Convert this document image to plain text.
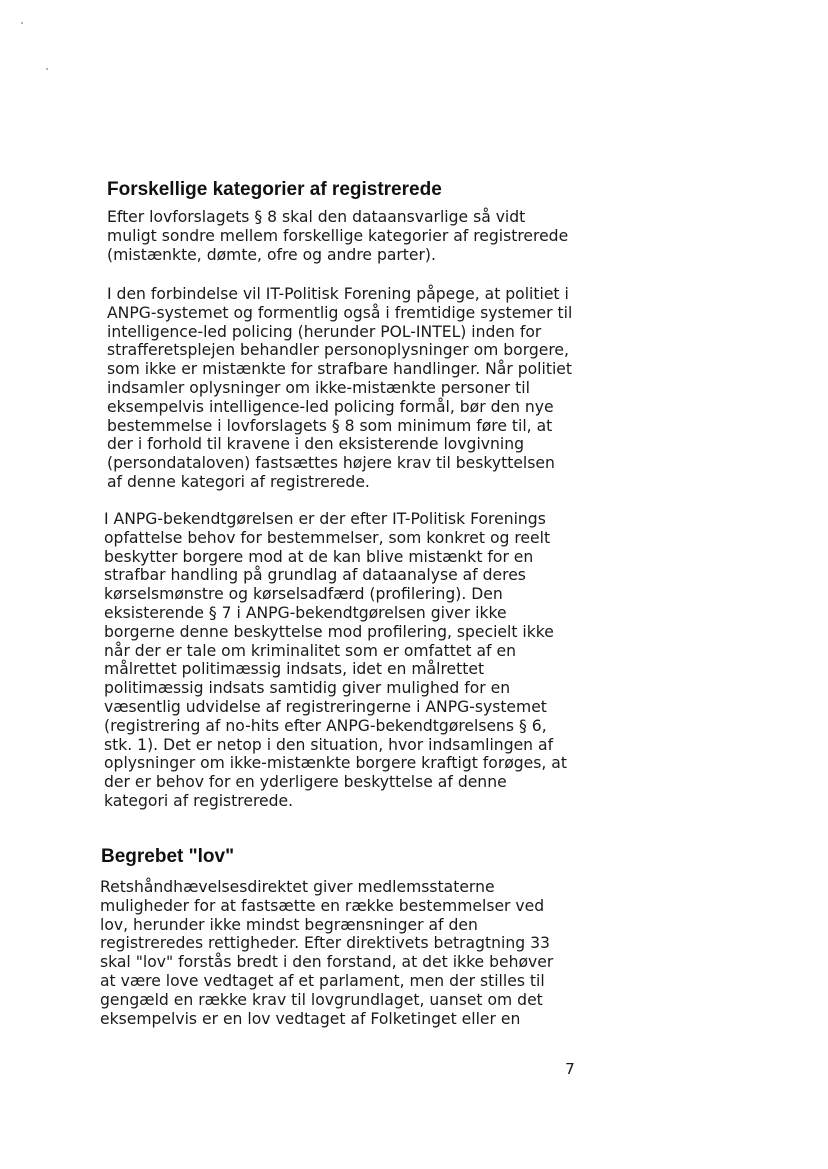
Forskellige kategorier af registrerede
Efter lovforslagets § 8 skal den dataansvarlige så vidt
muligt sondre mellem forskellige kategorier af registrerede
(mistænkte, dømte, ofre og andre parter).
I den forbindelse vil IT-Politisk Forening påpege, at politiet i
ANPG-systemet og formentlig også i fremtidige systemer til
intelligence-led policing (herunder POL-INTEL) inden for
strafferetsplejen behandler personoplysninger om borgere,
som ikke er mistænkte for strafbare handlinger. Når politiet
indsamler oplysninger om ikke-mistænkte personer til
eksempelvis intelligence-led policing formål, bør den nye
bestemmelse i lovforslagets § 8 som minimum føre til, at
der i forhold til kravene i den eksisterende lovgivning
(persondataloven) fastsættes højere krav til beskyttelsen
af denne kategori af registrerede.
I ANPG-bekendtgørelsen er der efter IT-Politisk Forenings
opfattelse behov for bestemmelser, som konkret og reelt
beskytter borgere mod at de kan blive mistænkt for en
strafbar handling på grundlag af dataanalyse af deres
kørselsmønstre og kørselsadfærd (profilering). Den
eksisterende § 7 i ANPG-bekendtgørelsen giver ikke
borgerne denne beskyttelse mod profilering, specielt ikke
når der er tale om kriminalitet som er omfattet af en
målrettet politimæssig indsats, idet en målrettet
politimæssig indsats samtidig giver mulighed for en
væsentlig udvidelse af registreringerne i ANPG-systemet
(registrering af no-hits efter ANPG-bekendtgørelsens § 6,
stk. 1). Det er netop i den situation, hvor indsamlingen af
oplysninger om ikke-mistænkte borgere kraftigt forøges, at
der er behov for en yderligere beskyttelse af denne
kategori af registrerede.
Begrebet "lov"
Retshåndhævelsesdirektet giver medlemsstaterne
muligheder for at fastsætte en række bestemmelser ved
lov, herunder ikke mindst begrænsninger af den
registreredes rettigheder. Efter direktivets betragtning 33
skal "lov" forstås bredt i den forstand, at det ikke behøver
at være love vedtaget af et parlament, men der stilles til
gengæld en række krav til lovgrundlaget, uanset om det
eksempelvis er en lov vedtaget af Folketinget eller en
7
